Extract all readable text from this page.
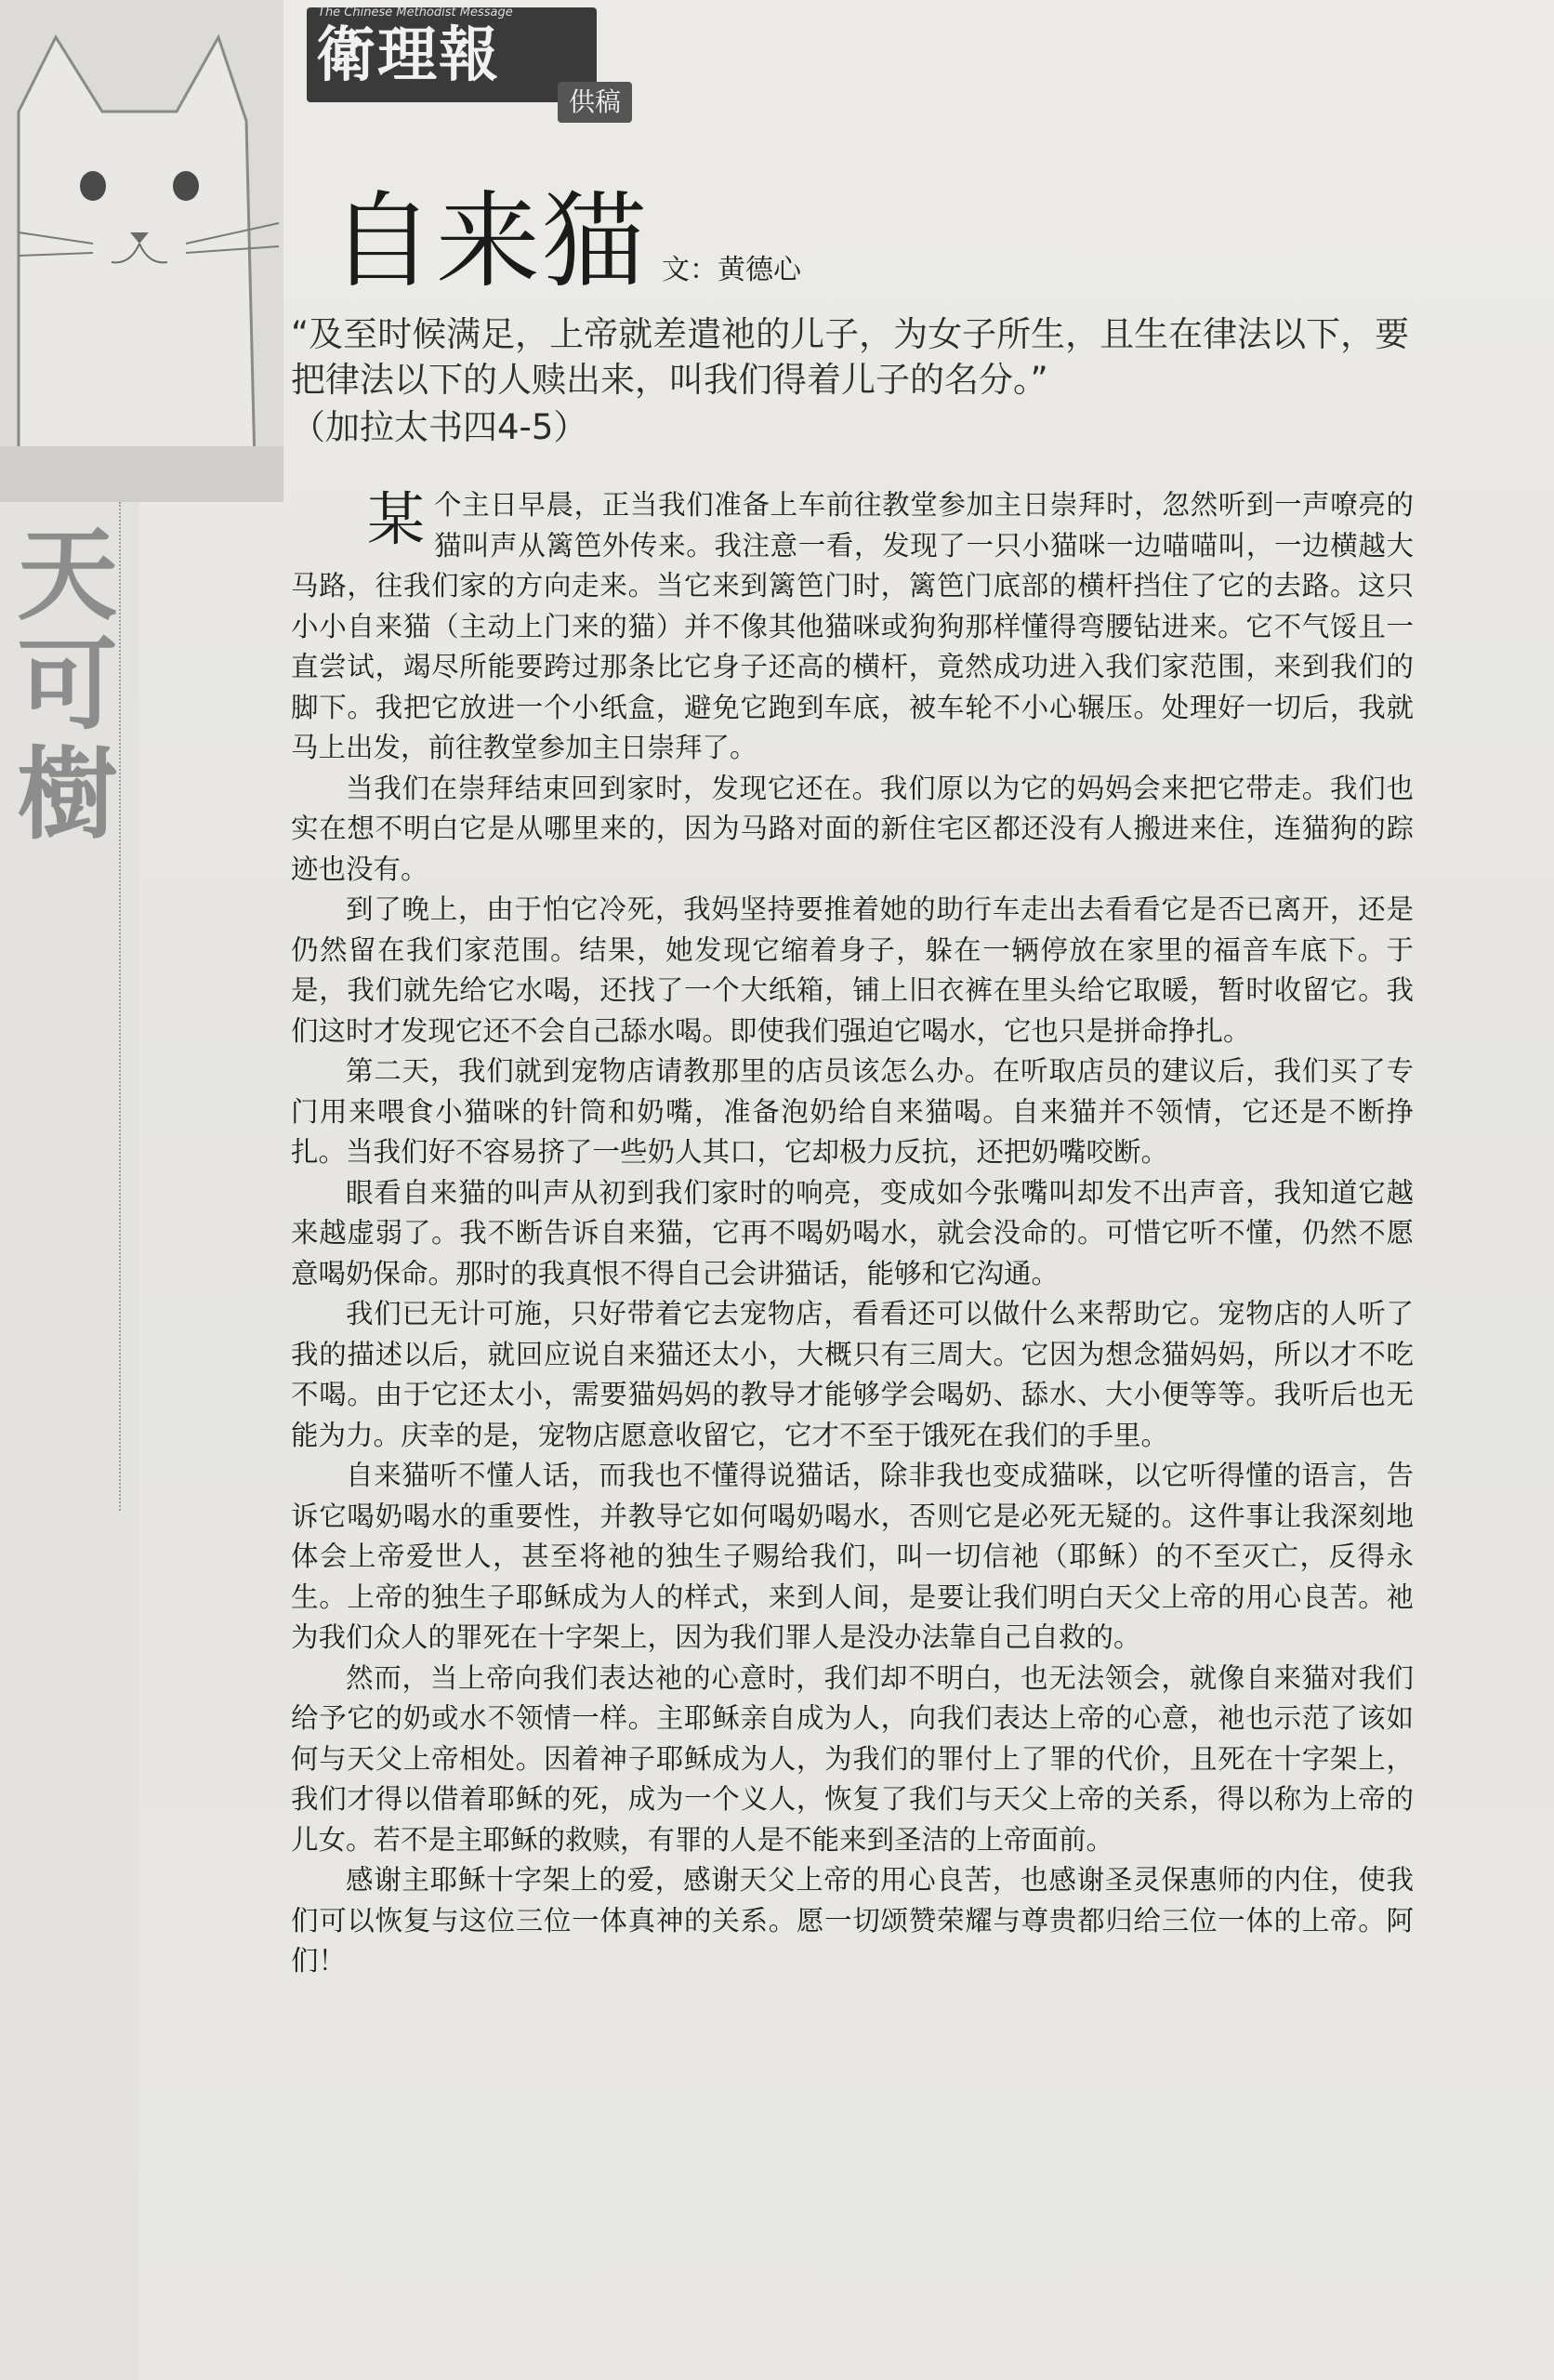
天
可
樹
The Chinese Methodist Message
衛理報
供稿
自来猫 文：黄德心
“及至时候满足，上帝就差遣祂的儿子，为女子所生，且生在律法以下，要把律法以下的人赎出来，叫我们得着儿子的名分。”
（加拉太书四4-5）

某个主日早晨，正当我们准备上车前往教堂参加主日崇拜时，忽然听到一声嘹亮的猫叫声从篱笆外传来。我注意一看，发现了一只小猫咪一边喵喵叫，一边横越大马路，往我们家的方向走来。当它来到篱笆门时，篱笆门底部的横杆挡住了它的去路。这只小小自来猫（主动上门来的猫）并不像其他猫咪或狗狗那样懂得弯腰钻进来。它不气馁且一直尝试，竭尽所能要跨过那条比它身子还高的横杆，竟然成功进入我们家范围，来到我们的脚下。我把它放进一个小纸盒，避免它跑到车底，被车轮不小心辗压。处理好一切后，我就马上出发，前往教堂参加主日崇拜了。

当我们在崇拜结束回到家时，发现它还在。我们原以为它的妈妈会来把它带走。我们也实在想不明白它是从哪里来的，因为马路对面的新住宅区都还没有人搬进来住，连猫狗的踪迹也没有。

到了晚上，由于怕它冷死，我妈坚持要推着她的助行车走出去看看它是否已离开，还是仍然留在我们家范围。结果，她发现它缩着身子，躲在一辆停放在家里的福音车底下。于是，我们就先给它水喝，还找了一个大纸箱，铺上旧衣裤在里头给它取暖，暂时收留它。我们这时才发现它还不会自己舔水喝。即使我们强迫它喝水，它也只是拼命挣扎。

第二天，我们就到宠物店请教那里的店员该怎么办。在听取店员的建议后，我们买了专门用来喂食小猫咪的针筒和奶嘴，准备泡奶给自来猫喝。自来猫并不领情，它还是不断挣扎。当我们好不容易挤了一些奶人其口，它却极力反抗，还把奶嘴咬断。

眼看自来猫的叫声从初到我们家时的响亮，变成如今张嘴叫却发不出声音，我知道它越来越虚弱了。我不断告诉自来猫，它再不喝奶喝水，就会没命的。可惜它听不懂，仍然不愿意喝奶保命。那时的我真恨不得自己会讲猫话，能够和它沟通。

我们已无计可施，只好带着它去宠物店，看看还可以做什么来帮助它。宠物店的人听了我的描述以后，就回应说自来猫还太小，大概只有三周大。它因为想念猫妈妈，所以才不吃不喝。由于它还太小，需要猫妈妈的教导才能够学会喝奶、舔水、大小便等等。我听后也无能为力。庆幸的是，宠物店愿意收留它，它才不至于饿死在我们的手里。

自来猫听不懂人话，而我也不懂得说猫话，除非我也变成猫咪，以它听得懂的语言，告诉它喝奶喝水的重要性，并教导它如何喝奶喝水，否则它是必死无疑的。这件事让我深刻地体会上帝爱世人，甚至将祂的独生子赐给我们，叫一切信祂（耶稣）的不至灭亡，反得永生。上帝的独生子耶稣成为人的样式，来到人间，是要让我们明白天父上帝的用心良苦。祂为我们众人的罪死在十字架上，因为我们罪人是没办法靠自己自救的。

然而，当上帝向我们表达祂的心意时，我们却不明白，也无法领会，就像自来猫对我们给予它的奶或水不领情一样。主耶稣亲自成为人，向我们表达上帝的心意，祂也示范了该如何与天父上帝相处。因着神子耶稣成为人，为我们的罪付上了罪的代价，且死在十字架上，我们才得以借着耶稣的死，成为一个义人，恢复了我们与天父上帝的关系，得以称为上帝的儿女。若不是主耶稣的救赎，有罪的人是不能来到圣洁的上帝面前。

感谢主耶稣十字架上的爱，感谢天父上帝的用心良苦，也感谢圣灵保惠师的内住，使我们可以恢复与这位三位一体真神的关系。愿一切颂赞荣耀与尊贵都归给三位一体的上帝。阿们！
